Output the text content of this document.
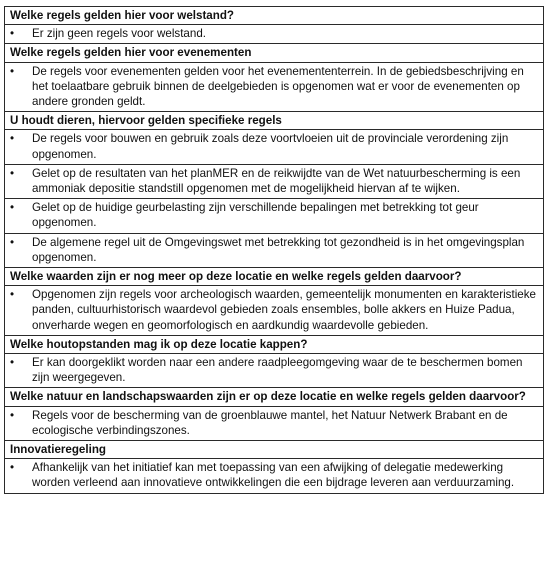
Welke regels gelden hier voor welstand?

•	Er zijn geen regels voor welstand.

Welke regels gelden hier voor evenementen

•	De regels voor evenementen gelden voor het evenemententerrein. In de gebiedsbeschrijving en het toelaatbare gebruik binnen de deelgebieden is opgenomen wat er voor de evenementen op andere gronden geldt.

U houdt dieren, hiervoor gelden specifieke regels

•	De regels voor bouwen en gebruik zoals deze voortvloeien uit de provinciale verordening zijn opgenomen.

•	Gelet op de resultaten van het planMER en de reikwijdte van de Wet natuurbescherming is een ammoniak depositie standstill opgenomen met de mogelijkheid hiervan af te wijken.

•	Gelet op de huidige geurbelasting zijn verschillende bepalingen met betrekking tot geur opgenomen.

•	De algemene regel uit de Omgevingswet met betrekking tot gezondheid is in het omgevingsplan opgenomen.

Welke waarden zijn er nog meer op deze locatie en welke regels gelden daarvoor?

•	Opgenomen zijn regels voor archeologisch waarden, gemeentelijk monumenten en karakteristieke panden, cultuurhistorisch waardevol gebieden zoals ensembles, bolle akkers en Huize Padua, onverharde wegen en geomorfologisch en aardkundig waardevolle gebieden.

Welke houtopstanden mag ik op deze locatie kappen?

•	Er kan doorgeklikt worden naar een andere raadpleegomgeving waar de te beschermen bomen zijn weergegeven.

Welke natuur en landschapswaarden zijn er op deze locatie en welke regels gelden daarvoor?

•	Regels voor de bescherming van de groenblauwe mantel, het Natuur Netwerk Brabant en de ecologische verbindingszones.

Innovatieregeling

•	Afhankelijk van het initiatief kan met toepassing van een afwijking of delegatie medewerking worden verleend aan innovatieve ontwikkelingen die een bijdrage leveren aan verduurzaming.
